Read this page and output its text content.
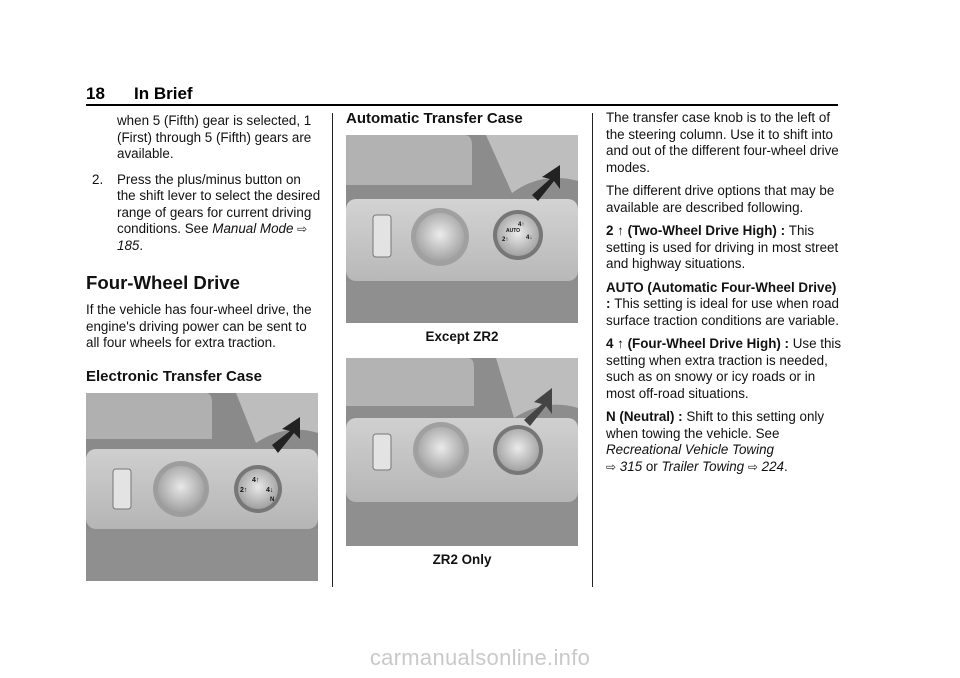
18 In Brief

when 5 (Fifth) gear is selected, 1 (First) through 5 (Fifth) gears are available.

2. Press the plus/minus button on the shift lever to select the desired range of gears for current driving conditions. See Manual Mode ⇨ 185.
Four-Wheel Drive

If the vehicle has four-wheel drive, the engine's driving power can be sent to all four wheels for extra traction.

Electronic Transfer Case
4↑
2↑	4↓
N
Automatic Transfer Case
AUTO
4↑
2↑	4↓
Except ZR2
ZR2 Only

The transfer case knob is to the left of the steering column. Use it to shift into and out of the different four-wheel drive modes.

The different drive options that may be available are described following.

2 ↑ (Two-Wheel Drive High) : This setting is used for driving in most street and highway situations.

AUTO (Automatic Four-Wheel Drive) : This setting is ideal for use when road surface traction conditions are variable.

4 ↑ (Four-Wheel Drive High) : Use this setting when extra traction is needed, such as on snowy or icy roads or in most off-road situations.

N (Neutral) : Shift to this setting only when towing the vehicle. See Recreational Vehicle Towing
⇨ 315 or Trailer Towing ⇨ 224.

carmanualsonline.info
